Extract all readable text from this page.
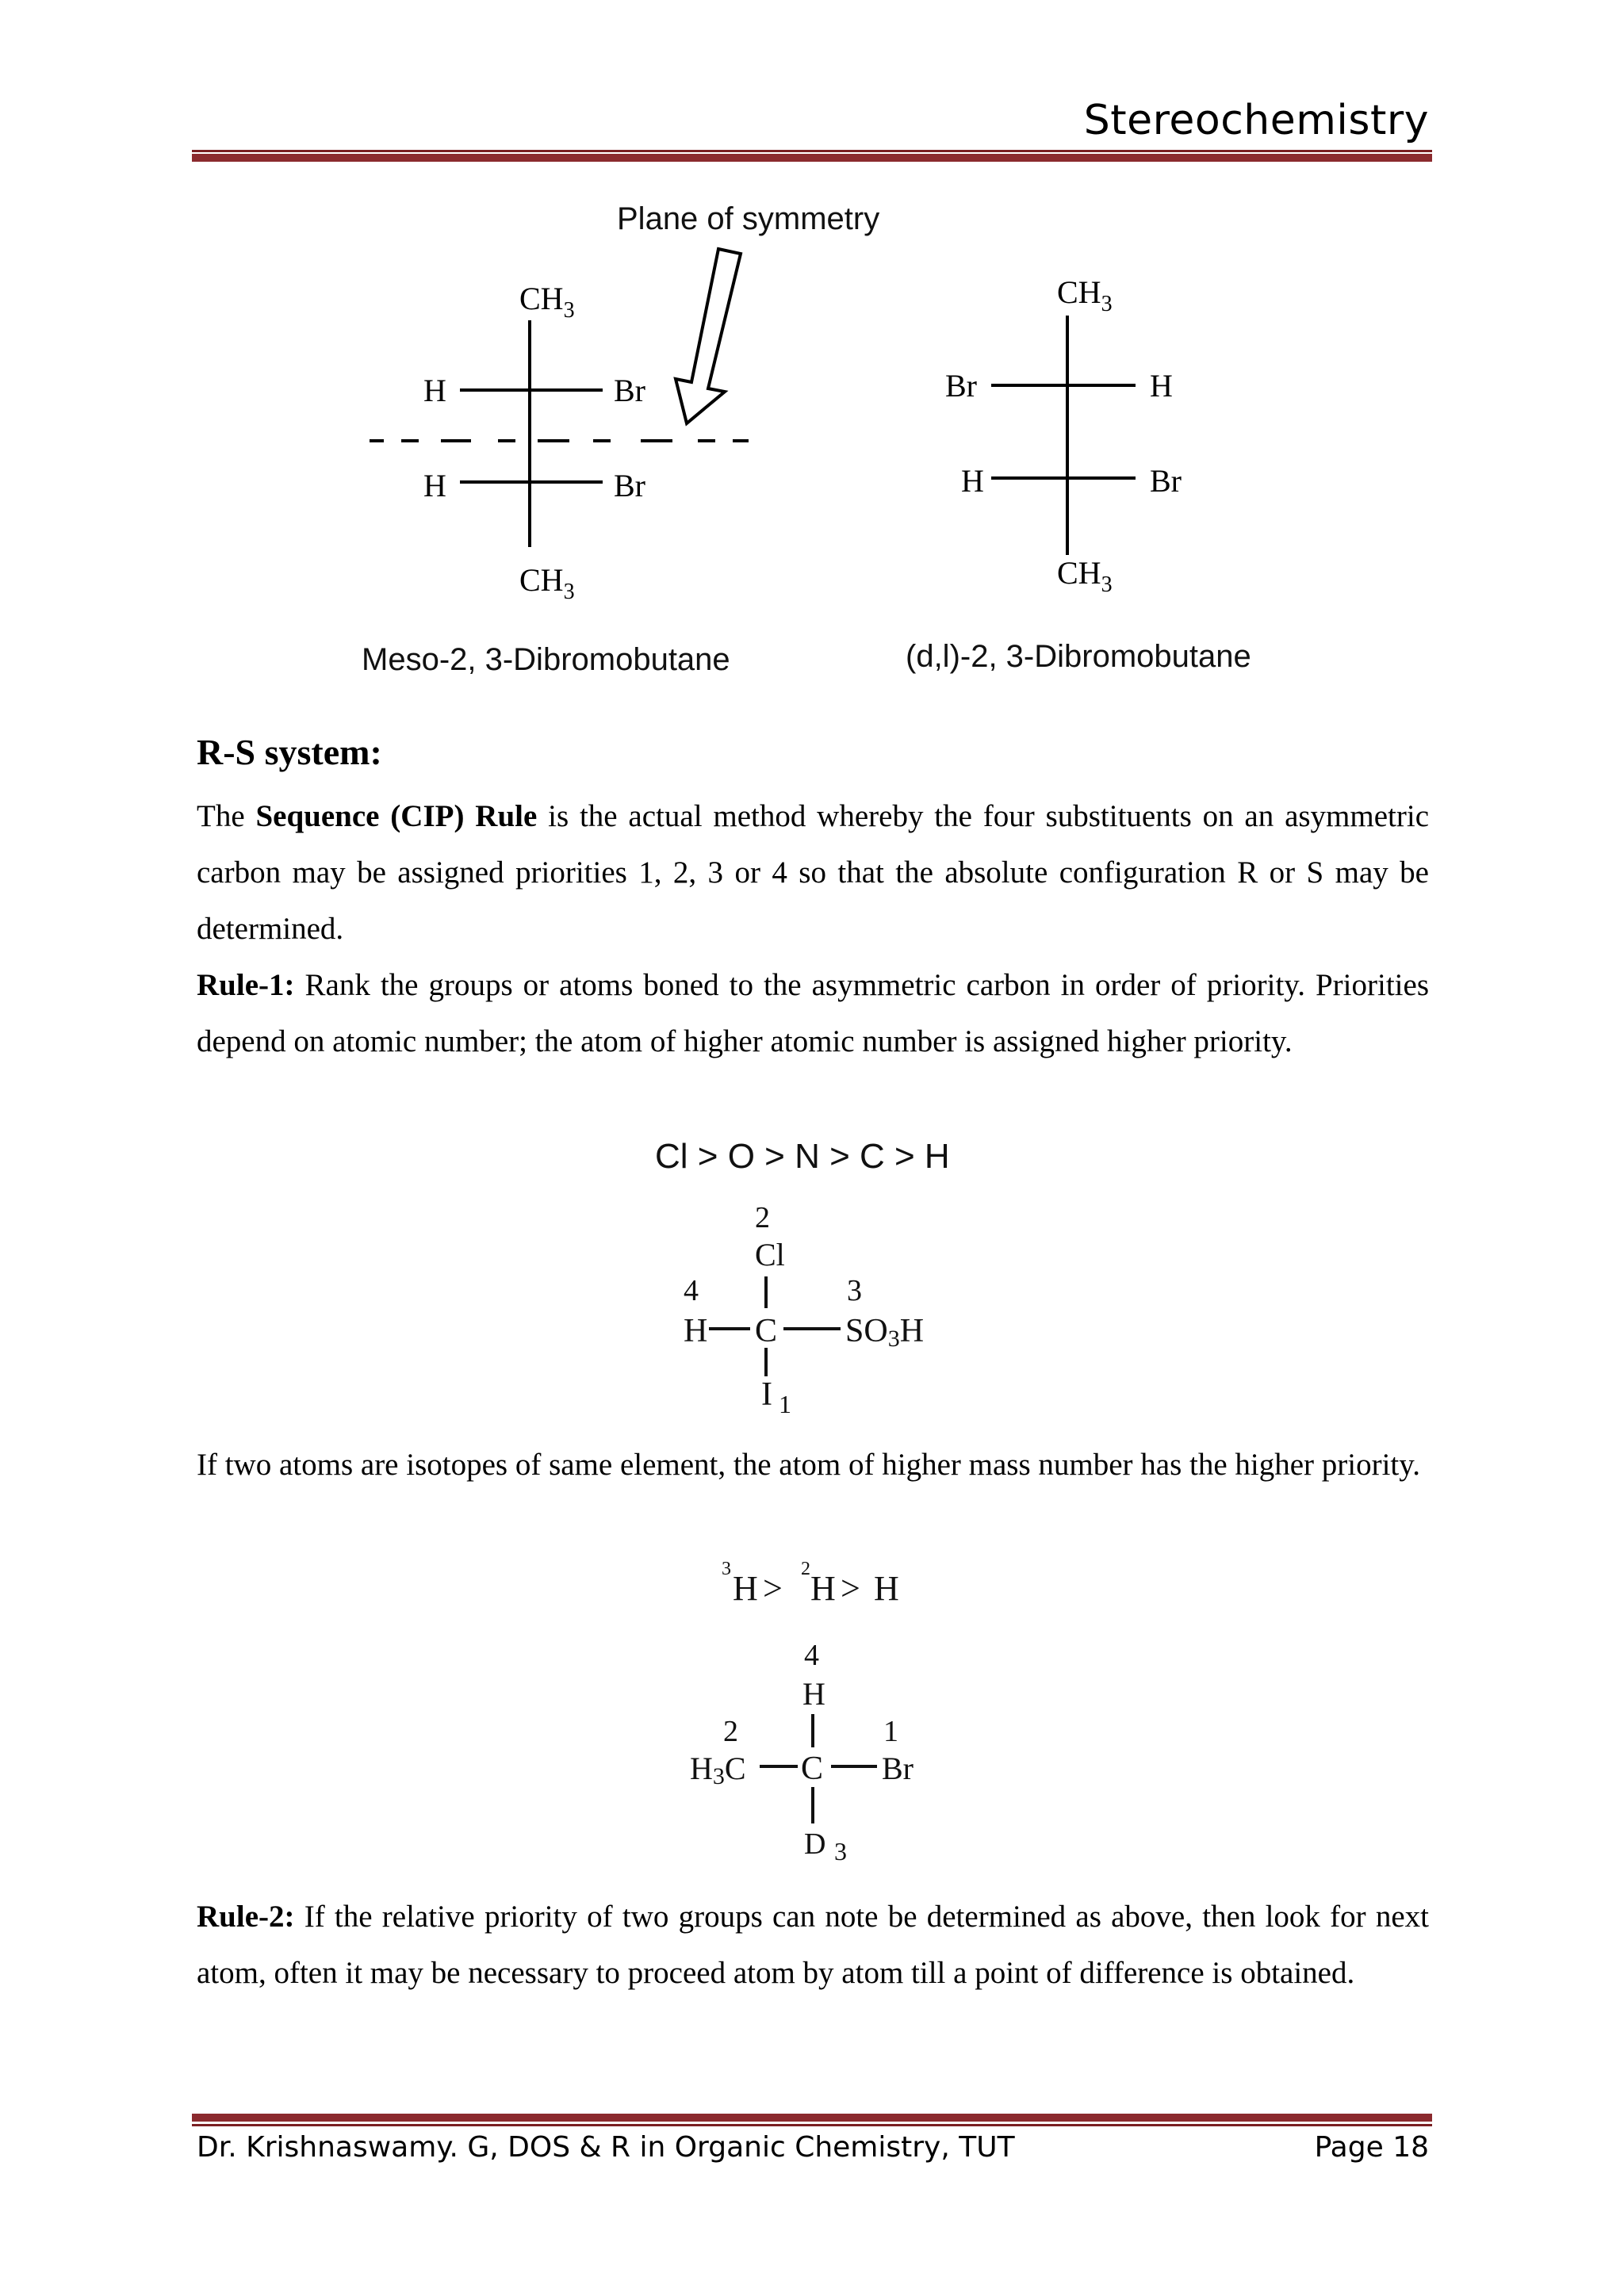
Stereochemistry
Plane of symmetry
$CH_3$
$CH_3$
H	Br
H	Br
$CH_3$
$CH_3$
Br	H
H	Br
Meso-2, 3-Dibromobutane	(d,l)-2, 3-Dibromobutane
R-S system:
The Sequence (CIP) Rule is the actual method whereby the four substituents on an asymmetric carbon may be assigned priorities 1, 2, 3 or 4 so that the absolute configuration R or S may be determined.
Rule-1: Rank the groups or atoms boned to the asymmetric carbon in order of priority. Priorities depend on atomic number; the atom of higher atomic number is assigned higher priority.
Cl > O > N > C > H
2
Cl
4	3
H C SO3H
I 1
If two atoms are isotopes of same element, the atom of higher mass number has the higher priority.
3 H > 2 H > H
4
H
2	1
H3C C Br
D 3
Rule-2: If the relative priority of two groups can note be determined as above, then look for next atom, often it may be necessary to proceed atom by atom till a point of difference is obtained.
Dr. Krishnaswamy. G, DOS & R in Organic Chemistry, TUT	Page 18
